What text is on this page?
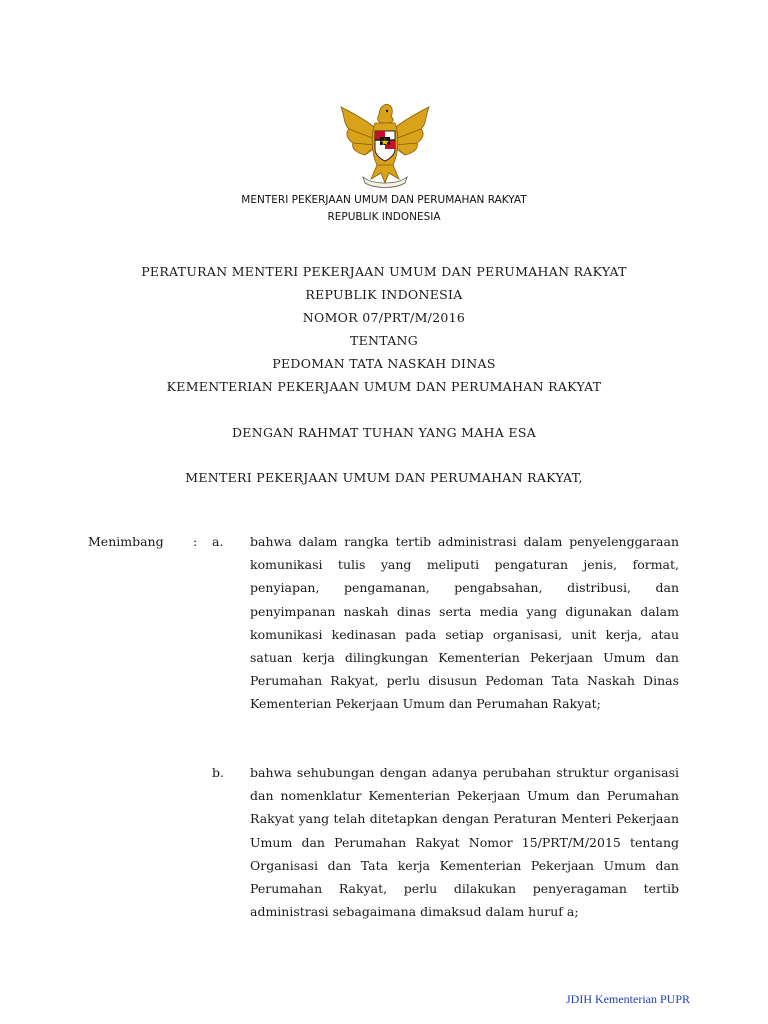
MENTERI PEKERJAAN UMUM DAN PERUMAHAN RAKYAT
REPUBLIK INDONESIA
PERATURAN MENTERI PEKERJAAN UMUM DAN PERUMAHAN RAKYAT
REPUBLIK INDONESIA
NOMOR 07/PRT/M/2016
TENTANG
PEDOMAN TATA NASKAH DINAS
KEMENTERIAN PEKERJAAN UMUM DAN PERUMAHAN RAKYAT
DENGAN RAHMAT TUHAN YANG MAHA ESA
MENTERI PEKERJAAN UMUM DAN PERUMAHAN RAKYAT,
Menimbang : a. bahwa dalam rangka tertib administrasi dalam penyelenggaraan komunikasi tulis yang meliputi pengaturan jenis, format, penyiapan, pengamanan, pengabsahan, distribusi, dan penyimpanan naskah dinas serta media yang digunakan dalam komunikasi kedinasan pada setiap organisasi, unit kerja, atau satuan kerja dilingkungan Kementerian Pekerjaan Umum dan Perumahan Rakyat, perlu disusun Pedoman Tata Naskah Dinas Kementerian Pekerjaan Umum dan Perumahan Rakyat;

b. bahwa sehubungan dengan adanya perubahan struktur organisasi dan nomenklatur Kementerian Pekerjaan Umum dan Perumahan Rakyat yang telah ditetapkan dengan Peraturan Menteri Pekerjaan Umum dan Perumahan Rakyat Nomor 15/PRT/M/2015 tentang Organisasi dan Tata kerja Kementerian Pekerjaan Umum dan Perumahan Rakyat, perlu dilakukan penyeragaman tertib administrasi sebagaimana dimaksud dalam huruf a;

JDIH Kementerian PUPR
